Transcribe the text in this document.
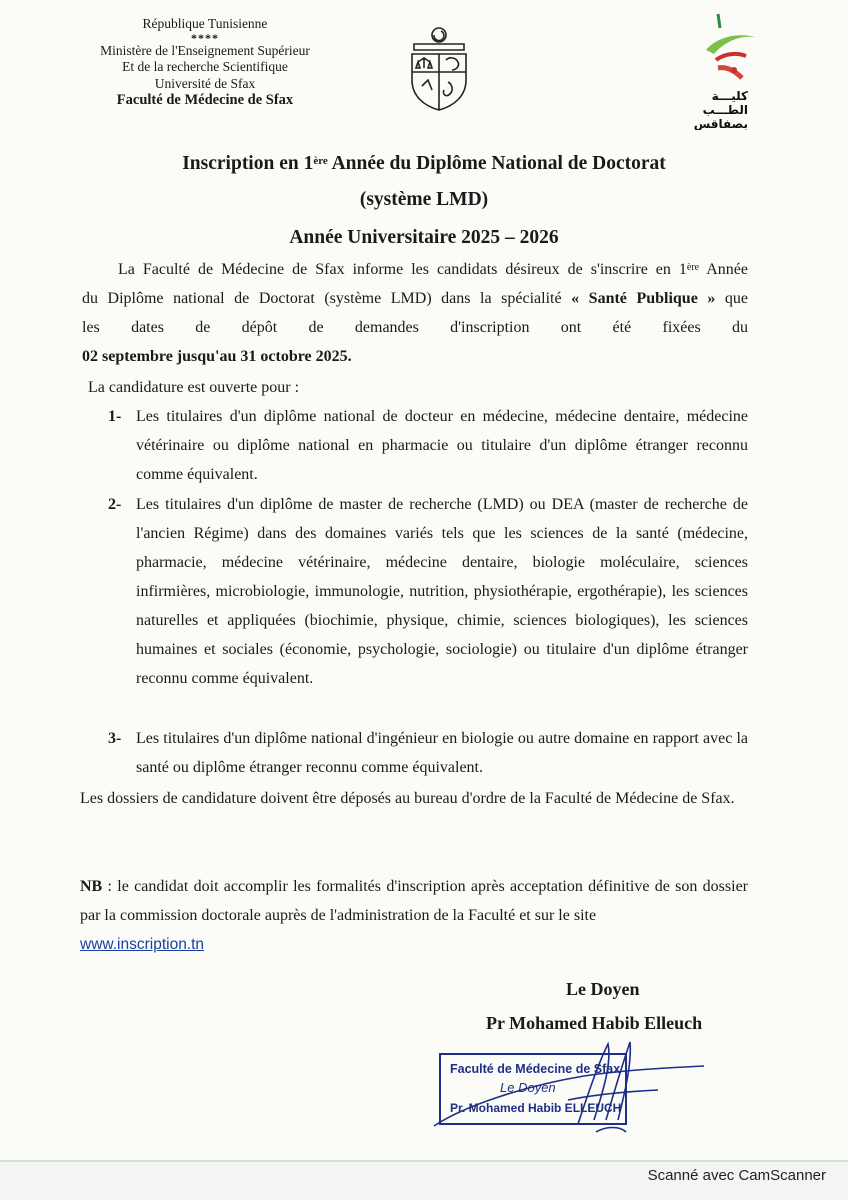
République Tunisienne
****
Ministère de l'Enseignement Supérieur
Et de la recherche Scientifique
Université de Sfax
Faculté de Médecine de Sfax	كليـــة
الطـــب
بصفاقس
Inscription en 1ère Année du Diplôme National de Doctorat
(système LMD)
Année Universitaire 2025 – 2026
La Faculté de Médecine de Sfax informe les candidats désireux de s'inscrire en 1ère Année
du Diplôme national de Doctorat (système LMD) dans la spécialité « Santé Publique » que
les dates de dépôt de demandes d'inscription ont été fixées du
02 septembre jusqu'au 31 octobre 2025.
La candidature est ouverte pour :
1- Les titulaires d'un diplôme national de docteur en médecine, médecine dentaire, médecine vétérinaire ou diplôme national en pharmacie ou titulaire d'un diplôme étranger reconnu comme équivalent.
2- Les titulaires d'un diplôme de master de recherche (LMD) ou DEA (master de recherche de l'ancien Régime) dans des domaines variés tels que les sciences de la santé (médecine, pharmacie, médecine vétérinaire, médecine dentaire, biologie moléculaire, sciences infirmières, microbiologie, immunologie, nutrition, physiothérapie, ergothérapie), les sciences naturelles et appliquées (biochimie, physique, chimie, sciences biologiques), les sciences humaines et sociales (économie, psychologie, sociologie) ou titulaire d'un diplôme étranger reconnu comme équivalent.
3- Les titulaires d'un diplôme national d'ingénieur en biologie ou autre domaine en rapport avec la santé ou diplôme étranger reconnu comme équivalent.
Les dossiers de candidature doivent être déposés au bureau d'ordre de la Faculté de Médecine de Sfax.
NB : le candidat doit accomplir les formalités d'inscription après acceptation définitive de son dossier par la commission doctorale auprès de l'administration de la Faculté et sur le site
www.inscription.tn
Le Doyen
Pr Mohamed Habib Elleuch
Faculté de Médecine de Sfax
Le Doyen
Pr. Mohamed Habib ELLEUCH
Scanné avec CamScanner
